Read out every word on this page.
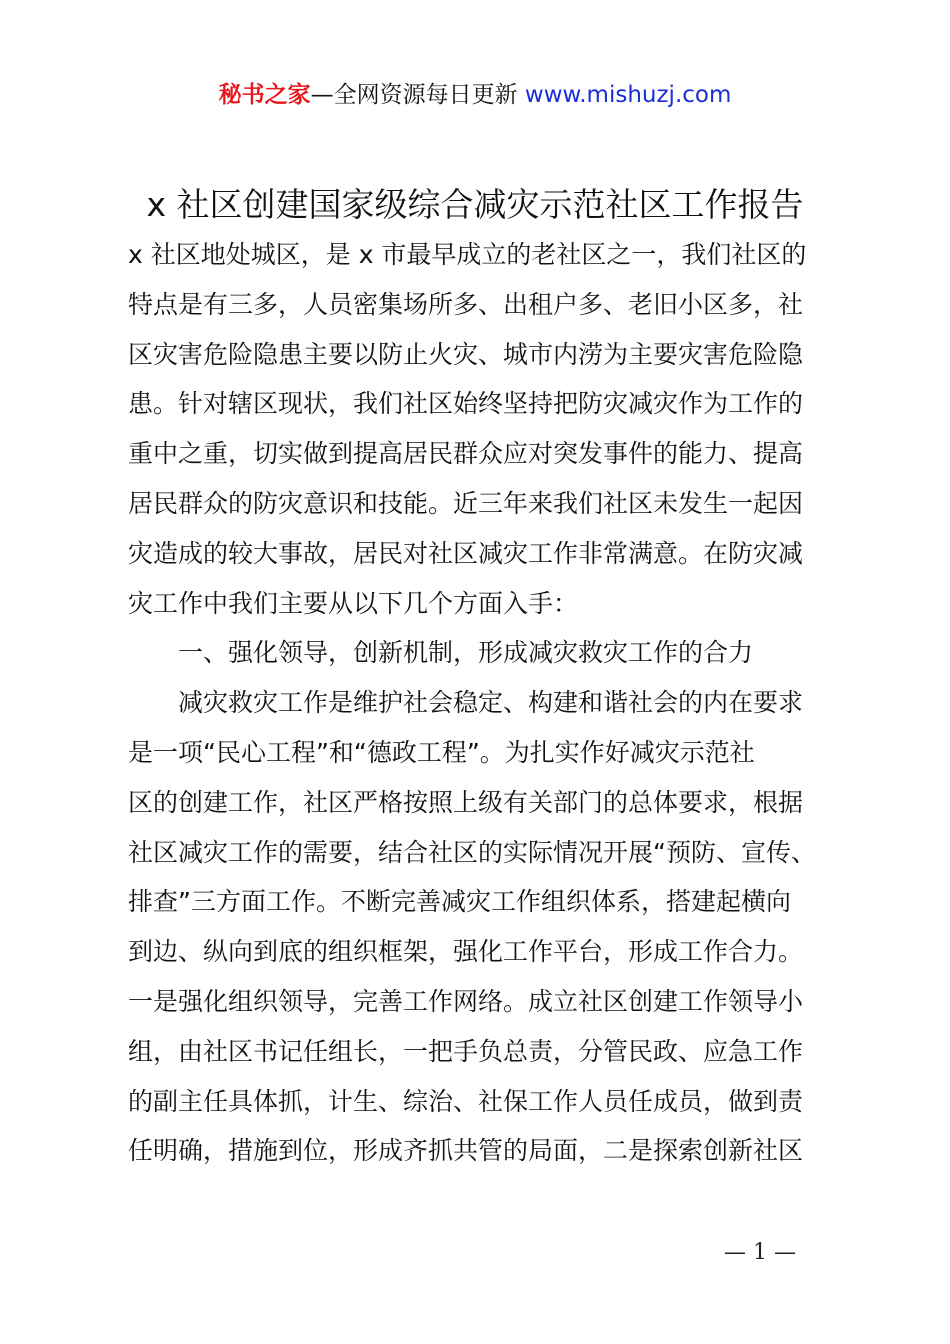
秘书之家—全网资源每日更新 www.mishuzj.com
x 社区创建国家级综合减灾示范社区工作报告
x 社区地处城区，是 x 市最早成立的老社区之一，我们社区的
特点是有三多，人员密集场所多、出租户多、老旧小区多，社
区灾害危险隐患主要以防止火灾、城市内涝为主要灾害危险隐
患。针对辖区现状，我们社区始终坚持把防灾减灾作为工作的
重中之重，切实做到提高居民群众应对突发事件的能力、提高
居民群众的防灾意识和技能。近三年来我们社区未发生一起因
灾造成的较大事故，居民对社区减灾工作非常满意。在防灾减
灾工作中我们主要从以下几个方面入手：
一、强化领导，创新机制，形成减灾救灾工作的合力
减灾救灾工作是维护社会稳定、构建和谐社会的内在要求
是一项“民心工程”和“德政工程”。为扎实作好减灾示范社
区的创建工作，社区严格按照上级有关部门的总体要求，根据
社区减灾工作的需要，结合社区的实际情况开展“预防、宣传、
排查”三方面工作。不断完善减灾工作组织体系，搭建起横向
到边、纵向到底的组织框架，强化工作平台，形成工作合力。
一是强化组织领导，完善工作网络。成立社区创建工作领导小
组，由社区书记任组长，一把手负总责，分管民政、应急工作
的副主任具体抓，计生、综治、社保工作人员任成员，做到责
任明确，措施到位，形成齐抓共管的局面，二是探索创新社区
— 1 —
